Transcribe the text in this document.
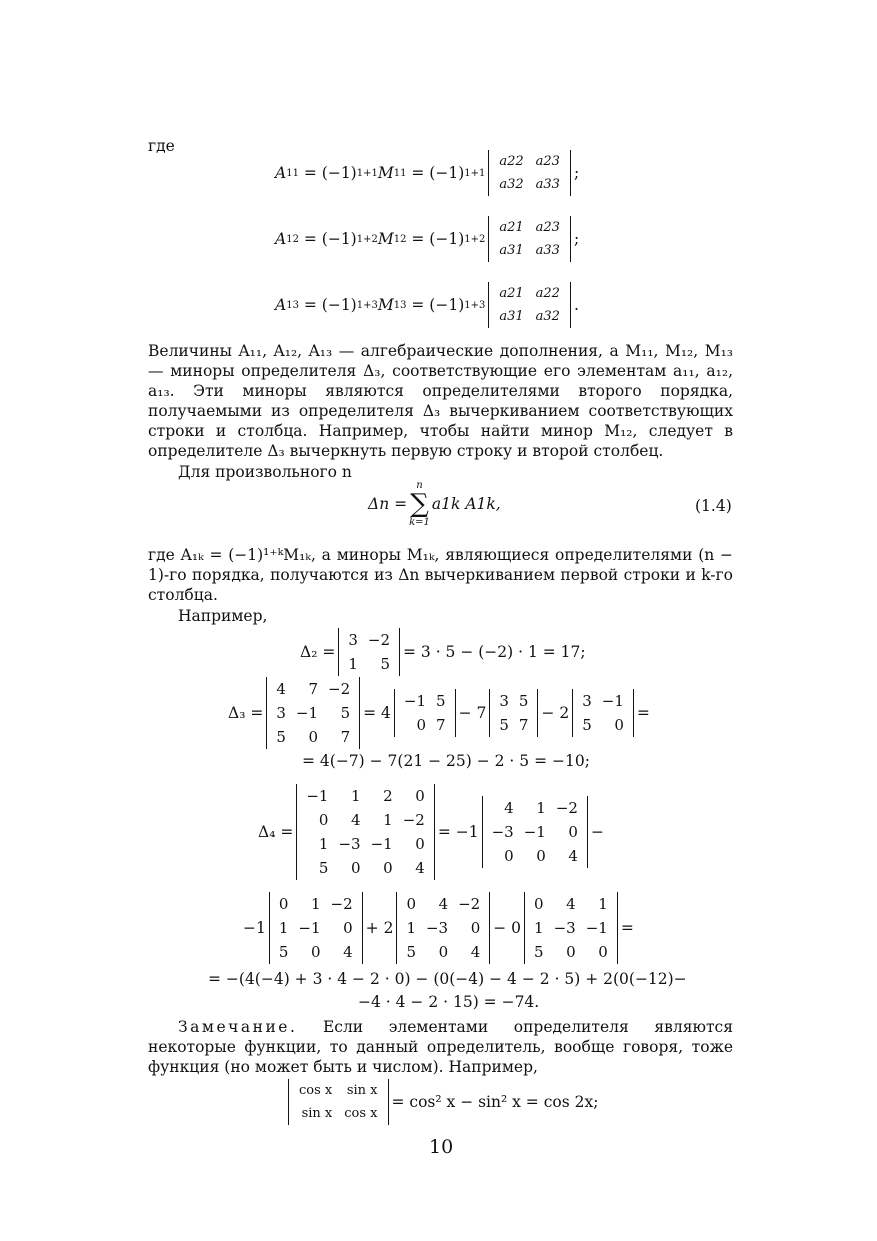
где
A 11 = (−1) 1+1 M 11 = (−1) 1+1
a22	a23
a32	a33
;
A 12 = (−1) 1+2 M 12 = (−1) 1+2
a21	a23
a31	a33
;
A 13 = (−1) 1+3 M 13 = (−1) 1+3
a21	a22
a31	a32
.

Величины A₁₁, A₁₂, A₁₃ — алгебраические дополнения, а M₁₁, M₁₂, M₁₃ — миноры определителя Δ₃, соответствующие его элементам a₁₁, a₁₂, a₁₃. Эти миноры являются определителями второго порядка, получаемыми из определителя Δ₃ вычеркиванием соответствующих строки и столбца. Например, чтобы найти минор M₁₂, следует в определителе Δ₃ вычеркнуть первую строку и второй столбец.

Для произвольного n
Δn =
n
∑
k=1
a1k A1k,	(1.4)

где A₁ₖ = (−1)¹⁺ᵏM₁ₖ, а миноры M₁ₖ, являющиеся определителями (n − 1)-го порядка, получаются из Δn вычеркиванием первой строки и k-го столбца.

Например,
Δ₂ =
3	−2
1	5
= 3 · 5 − (−2) · 1 = 17;
Δ₃ =
4	7	−2
3	−1	5
5	0	7
= 4
−1	5
0	7
− 7
3	5
5	7
− 2
3	−1
5	0
=
= 4(−7) − 7(21 − 25) − 2 · 5 = −10;
Δ₄ =
−1	1	2	0
0	4	1	−2
1	−3	−1	0
5	0	0	4
= −1
4	1	−2
−3	−1	0
0	0	4
−
−1
0	1	−2
1	−1	0
5	0	4
+ 2
0	4	−2
1	−3	0
5	0	4
− 0
0	4	1
1	−3	−1
5	0	0
=
= −(4(−4) + 3 · 4 − 2 · 0) − (0(−4) − 4 − 2 · 5) + 2(0(−12)−
−4 · 4 − 2 · 15) = −74.

Замечание. Если элементами определителя являются некоторые функции, то данный определитель, вообще говоря, тоже функция (но может быть и числом). Например,

cos x	sin x
sin x	cos x
= cos² x − sin² x = cos 2x;
10
